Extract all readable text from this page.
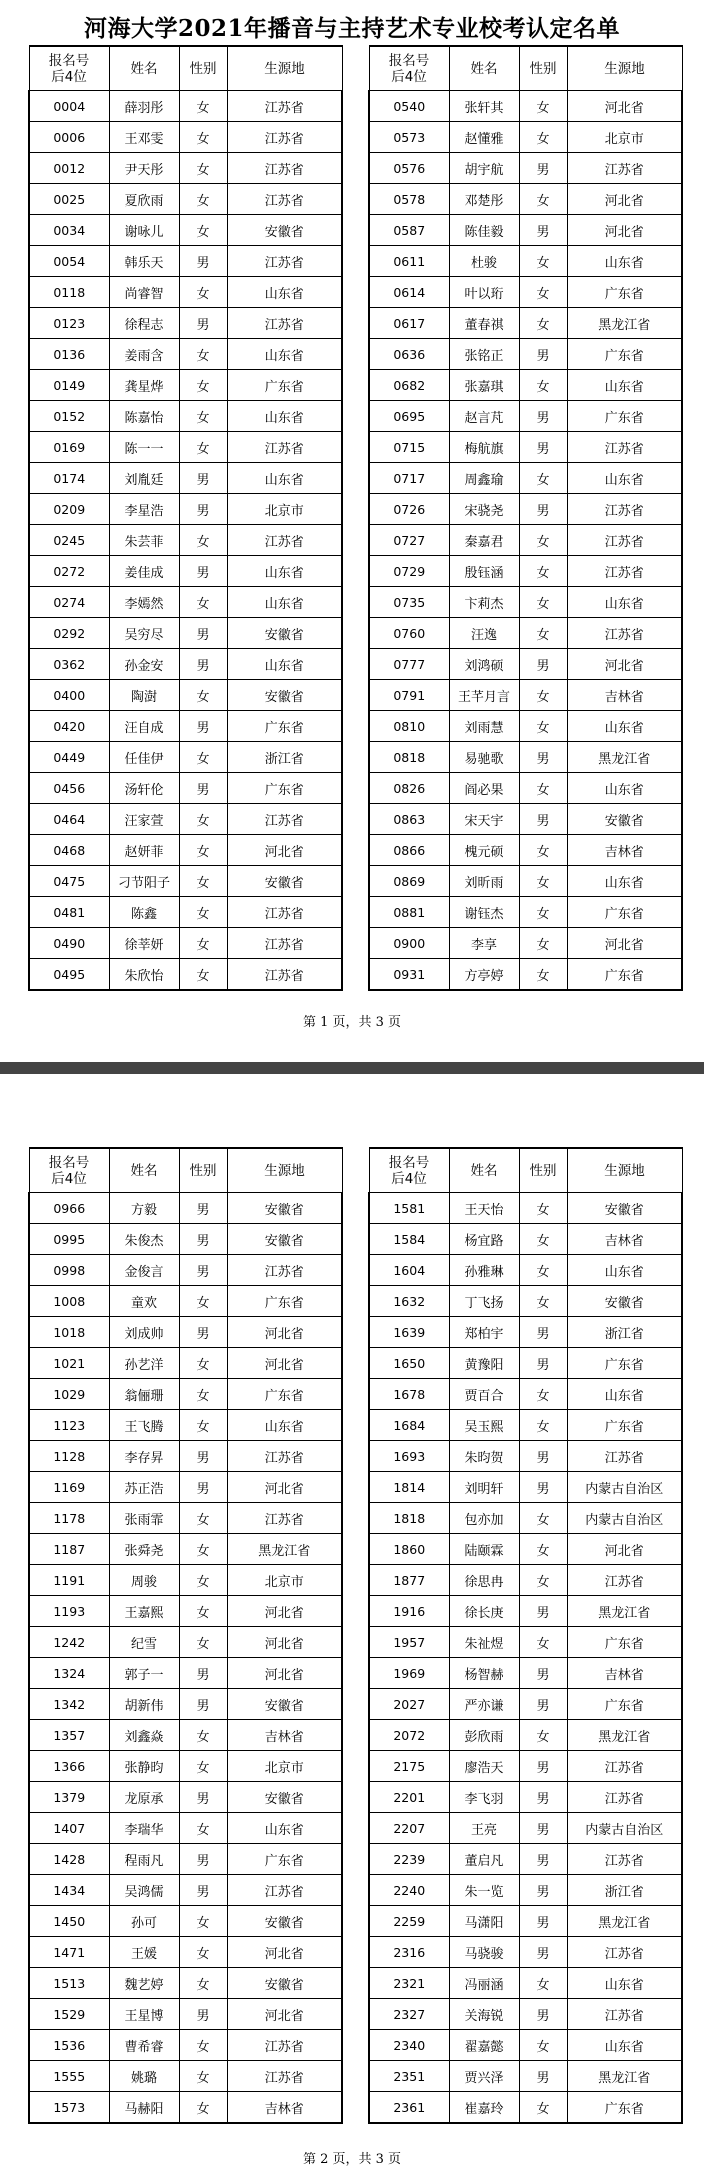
河海大学2021年播音与主持艺术专业校考认定名单
报名号后4位	姓名	性别	生源地
0004	薛羽彤	女	江苏省
0006	王邓雯	女	江苏省
0012	尹天彤	女	江苏省
0025	夏欣雨	女	江苏省
0034	谢咏儿	女	安徽省
0054	韩乐天	男	江苏省
0118	尚睿智	女	山东省
0123	徐程志	男	江苏省
0136	姜雨含	女	山东省
0149	龚星烨	女	广东省
0152	陈嘉怡	女	山东省
0169	陈一一	女	江苏省
0174	刘胤廷	男	山东省
0209	李星浩	男	北京市
0245	朱芸菲	女	江苏省
0272	姜佳成	男	山东省
0274	李嫣然	女	山东省
0292	吴穷尽	男	安徽省
0362	孙金安	男	山东省
0400	陶澍	女	安徽省
0420	汪自成	男	广东省
0449	任佳伊	女	浙江省
0456	汤轩伦	男	广东省
0464	汪家萱	女	江苏省
0468	赵妍菲	女	河北省
0475	刁节阳子	女	安徽省
0481	陈鑫	女	江苏省
0490	徐莘妍	女	江苏省
0495	朱欣怡	女	江苏省
报名号后4位	姓名	性别	生源地
0540	张轩其	女	河北省
0573	赵懂雅	女	北京市
0576	胡宇航	男	江苏省
0578	邓楚彤	女	河北省
0587	陈佳毅	男	河北省
0611	杜骏	女	山东省
0614	叶以珩	女	广东省
0617	董春祺	女	黑龙江省
0636	张铭正	男	广东省
0682	张嘉琪	女	山东省
0695	赵言芃	男	广东省
0715	梅航旗	男	江苏省
0717	周鑫瑜	女	山东省
0726	宋骁尧	男	江苏省
0727	秦嘉君	女	江苏省
0729	殷钰涵	女	江苏省
0735	卞莉杰	女	山东省
0760	汪逸	女	江苏省
0777	刘鸿硕	男	河北省
0791	王芊月言	女	吉林省
0810	刘雨慧	女	山东省
0818	易驰歌	男	黑龙江省
0826	阎必果	女	山东省
0863	宋天宇	男	安徽省
0866	槐元硕	女	吉林省
0869	刘昕雨	女	山东省
0881	谢钰杰	女	广东省
0900	李享	女	河北省
0931	方亭婷	女	广东省
第 1 页，共 3 页
报名号后4位	姓名	性别	生源地
0966	方毅	男	安徽省
0995	朱俊杰	男	安徽省
0998	金俊言	男	江苏省
1008	童欢	女	广东省
1018	刘成帅	男	河北省
1021	孙艺洋	女	河北省
1029	翁俪珊	女	广东省
1123	王飞腾	女	山东省
1128	李存昇	男	江苏省
1169	苏正浩	男	河北省
1178	张雨霏	女	江苏省
1187	张舜尧	女	黑龙江省
1191	周骏	女	北京市
1193	王嘉熙	女	河北省
1242	纪雪	女	河北省
1324	郭子一	男	河北省
1342	胡新伟	男	安徽省
1357	刘鑫焱	女	吉林省
1366	张静昀	女	北京市
1379	龙原承	男	安徽省
1407	李瑞华	女	山东省
1428	程雨凡	男	广东省
1434	吴鸿儒	男	江苏省
1450	孙可	女	安徽省
1471	王媛	女	河北省
1513	魏艺婷	女	安徽省
1529	王星博	男	河北省
1536	曹希睿	女	江苏省
1555	姚璐	女	江苏省
1573	马赫阳	女	吉林省
报名号后4位	姓名	性别	生源地
1581	王天怡	女	安徽省
1584	杨宜路	女	吉林省
1604	孙雅琳	女	山东省
1632	丁飞扬	女	安徽省
1639	郑柏宇	男	浙江省
1650	黄豫阳	男	广东省
1678	贾百合	女	山东省
1684	吴玉熙	女	广东省
1693	朱昀贺	男	江苏省
1814	刘明轩	男	内蒙古自治区
1818	包亦加	女	内蒙古自治区
1860	陆颐霖	女	河北省
1877	徐思冉	女	江苏省
1916	徐长庚	男	黑龙江省
1957	朱祉煜	女	广东省
1969	杨智赫	男	吉林省
2027	严亦谦	男	广东省
2072	彭欣雨	女	黑龙江省
2175	廖浩天	男	江苏省
2201	李飞羽	男	江苏省
2207	王亮	男	内蒙古自治区
2239	董启凡	男	江苏省
2240	朱一览	男	浙江省
2259	马潇阳	男	黑龙江省
2316	马骁骏	男	江苏省
2321	冯丽涵	女	山东省
2327	关海锐	男	江苏省
2340	翟嘉懿	女	山东省
2351	贾兴泽	男	黑龙江省
2361	崔嘉玲	女	广东省
第 2 页，共 3 页
